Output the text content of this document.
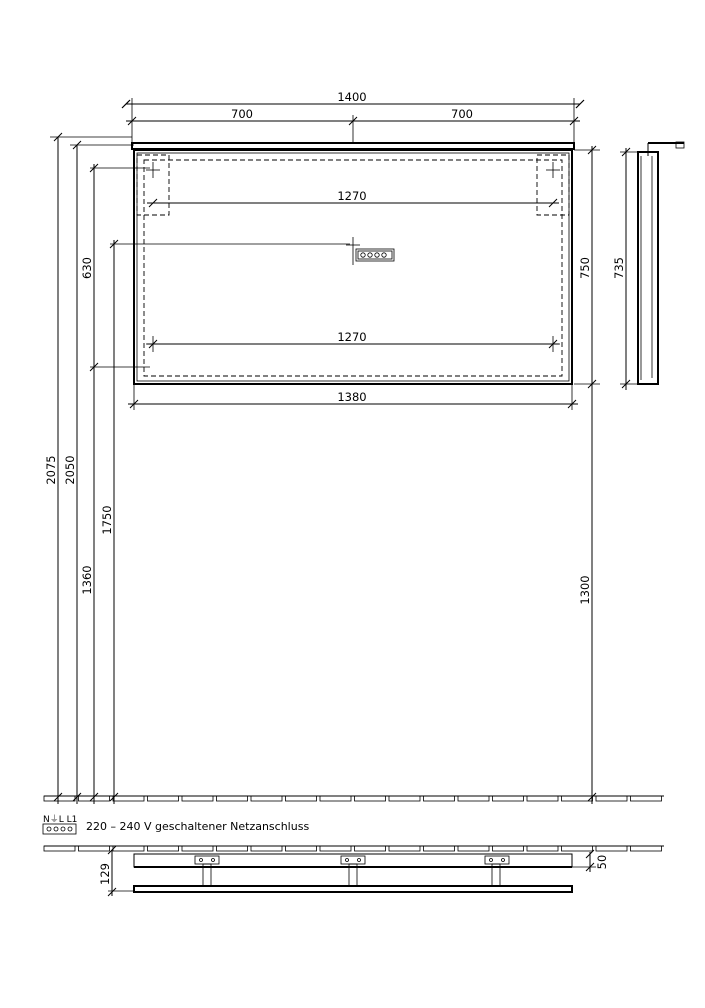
1400
700	700
1270
1270
1380
2075 2050
630
1360
1750
750
1300
735
129
50
N⏚L L1 220 – 240 V geschaltener Netzanschluss
